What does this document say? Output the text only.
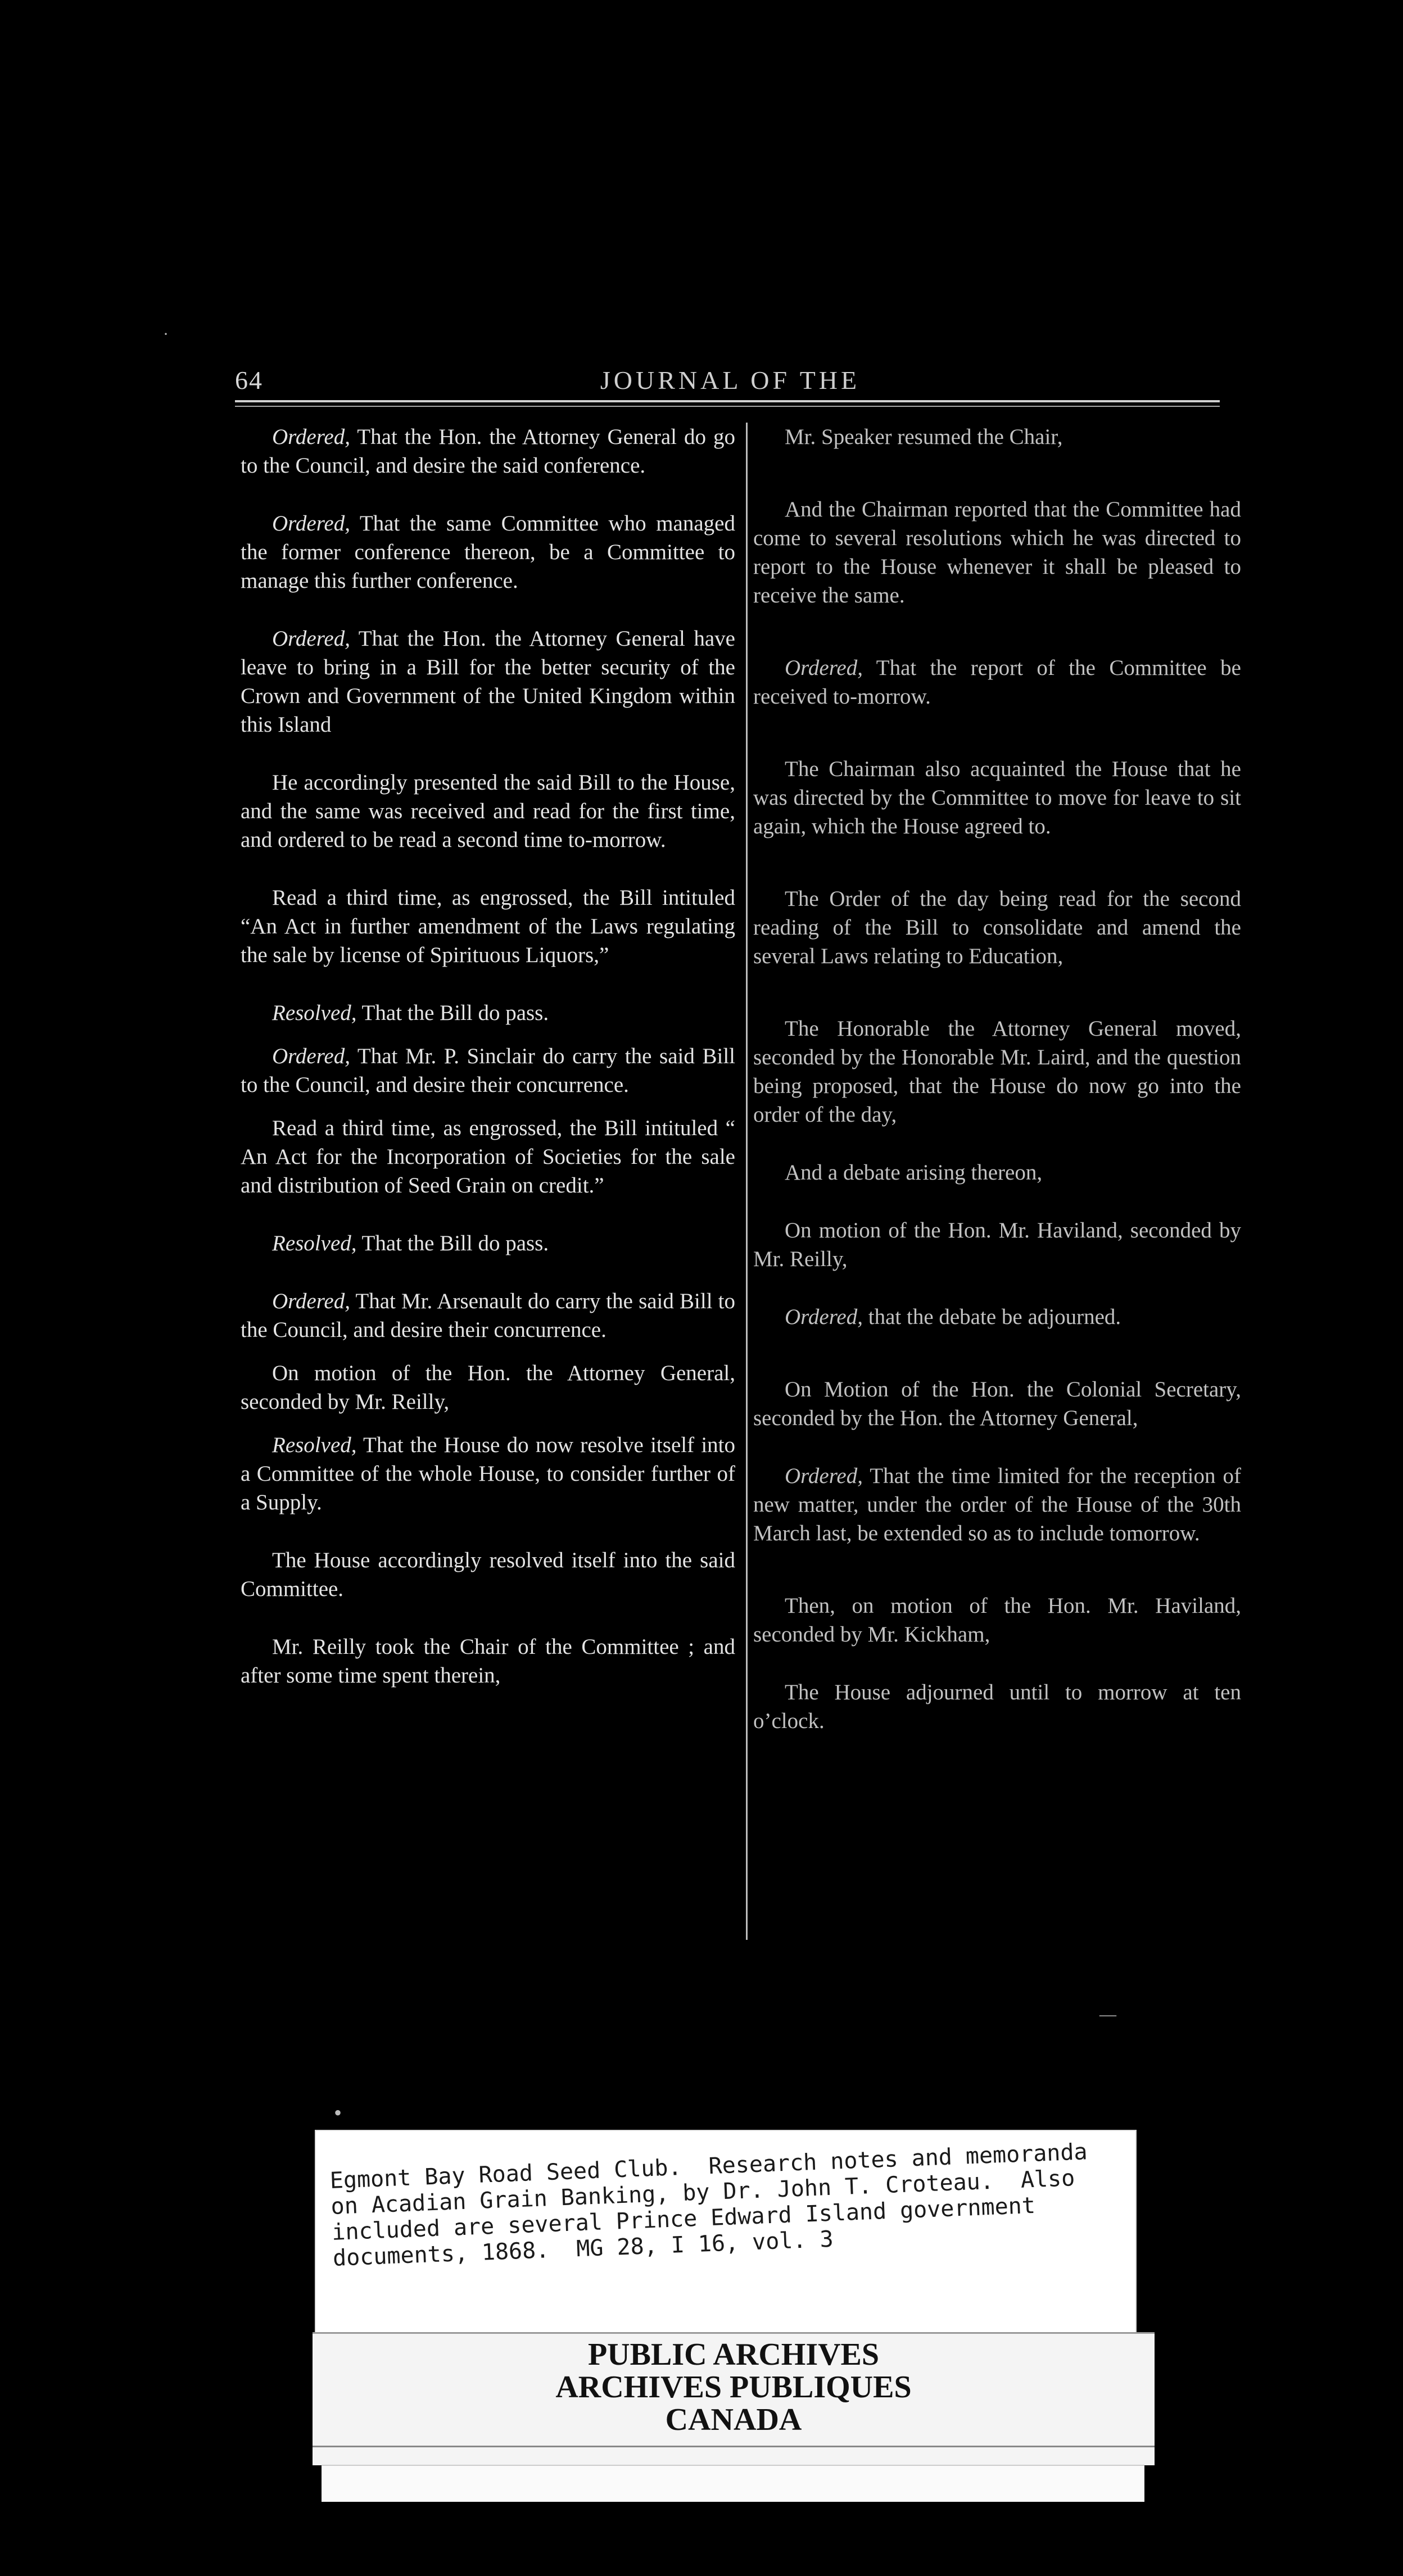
64	JOURNAL OF THE

Ordered, That the Hon. the Attorney General do go to the Council, and desire the said conference.

Ordered, That the same Committee who managed the former conference thereon, be a Committee to manage this further conference.

Ordered, That the Hon. the Attorney General have leave to bring in a Bill for the better security of the Crown and Government of the United Kingdom within this Island

He accordingly presented the said Bill to the House, and the same was received and read for the first time, and ordered to be read a second time to-morrow.

Read a third time, as engrossed, the Bill intituled “An Act in further amendment of the Laws regulating the sale by license of Spirituous Liquors,”

Resolved, That the Bill do pass.

Ordered, That Mr. P. Sinclair do carry the said Bill to the Council, and desire their concurrence.

Read a third time, as engrossed, the Bill intituled “ An Act for the Incorporation of Societies for the sale and distribution of Seed Grain on credit.”

Resolved, That the Bill do pass.

Ordered, That Mr. Arsenault do carry the said Bill to the Council, and desire their concurrence.

On motion of the Hon. the Attorney General, seconded by Mr. Reilly,

Resolved, That the House do now resolve itself into a Committee of the whole House, to consider further of a Supply.

The House accordingly resolved itself into the said Committee.

Mr. Reilly took the Chair of the Committee ; and after some time spent therein,

Mr. Speaker resumed the Chair,

And the Chairman reported that the Committee had come to several resolutions which he was directed to report to the House whenever it shall be pleased to receive the same.

Ordered, That the report of the Committee be received to-morrow.

The Chairman also acquainted the House that he was directed by the Committee to move for leave to sit again, which the House agreed to.

The Order of the day being read for the second reading of the Bill to consolidate and amend the several Laws relating to Education,

The Honorable the Attorney General moved, seconded by the Honorable Mr. Laird, and the question being proposed, that the House do now go into the order of the day,

And a debate arising thereon,

On motion of the Hon. Mr. Haviland, seconded by Mr. Reilly,

Ordered, that the debate be adjourned.

On Motion of the Hon. the Colonial Secretary, seconded by the Hon. the Attorney General,

Ordered, That the time limited for the reception of new matter, under the order of the House of the 30th March last, be extended so as to include tomorrow.

Then, on motion of the Hon. Mr. Haviland, seconded by Mr. Kickham,

The House adjourned until to morrow at ten o’clock.

·
•
—
Egmont Bay Road Seed Club.  Research notes and memoranda
on Acadian Grain Banking, by Dr. John T. Croteau.  Also
included are several Prince Edward Island government
documents, 1868.  MG 28, I 16, vol. 3
PUBLIC ARCHIVES
ARCHIVES PUBLIQUES
CANADA
